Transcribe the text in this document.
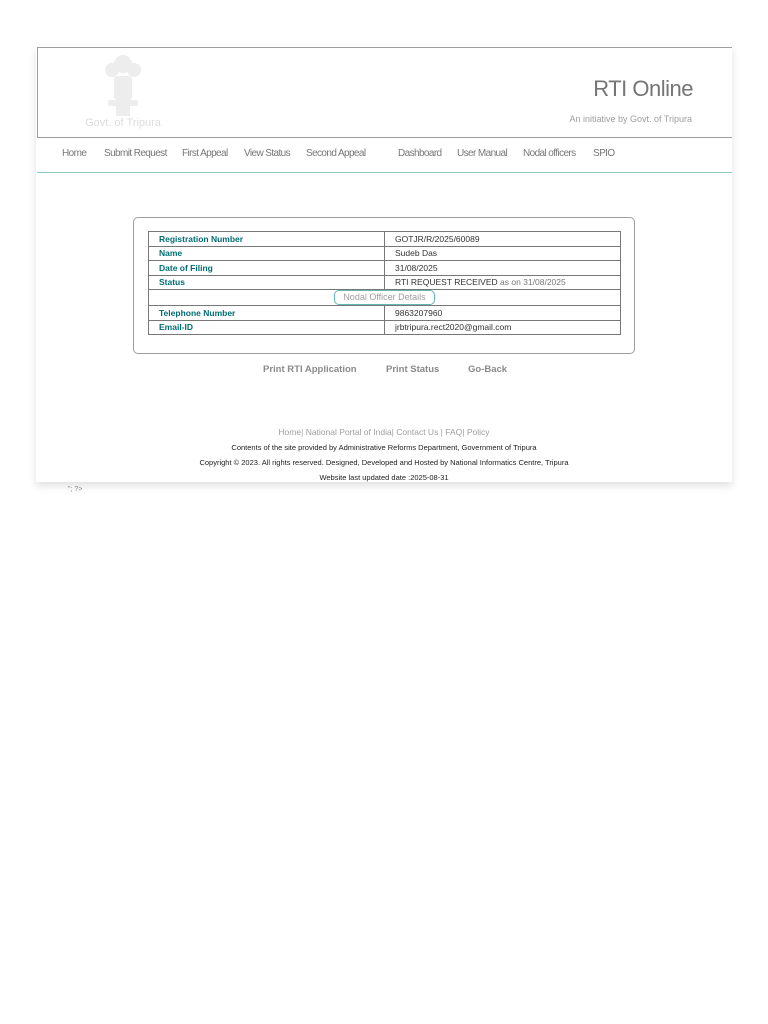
Govt. of Tripura
RTI Online
An initiative by Govt. of Tripura
Home Submit Request First Appeal View Status Second Appeal	Dashboard User Manual Nodal officers SPIO
Registration Number	GOTJR/R/2025/60089
Name	Sudeb Das
Date of Filing	31/08/2025
Status	RTI REQUEST RECEIVED as on 31/08/2025
Nodal Officer Details	
Telephone Number	9863207960
Email-ID	jrbtripura.rect2020@gmail.com
Print RTI Application	Print Status	Go-Back
Home| National Portal of India| Contact Us | FAQ| Policy
Contents of the site provided by Administrative Reforms Department, Government of Tripura
Copyright © 2023. All rights reserved. Designed, Developed and Hosted by National Informatics Centre, Tripura
Website last updated date :2025-08-31
"; ?>
